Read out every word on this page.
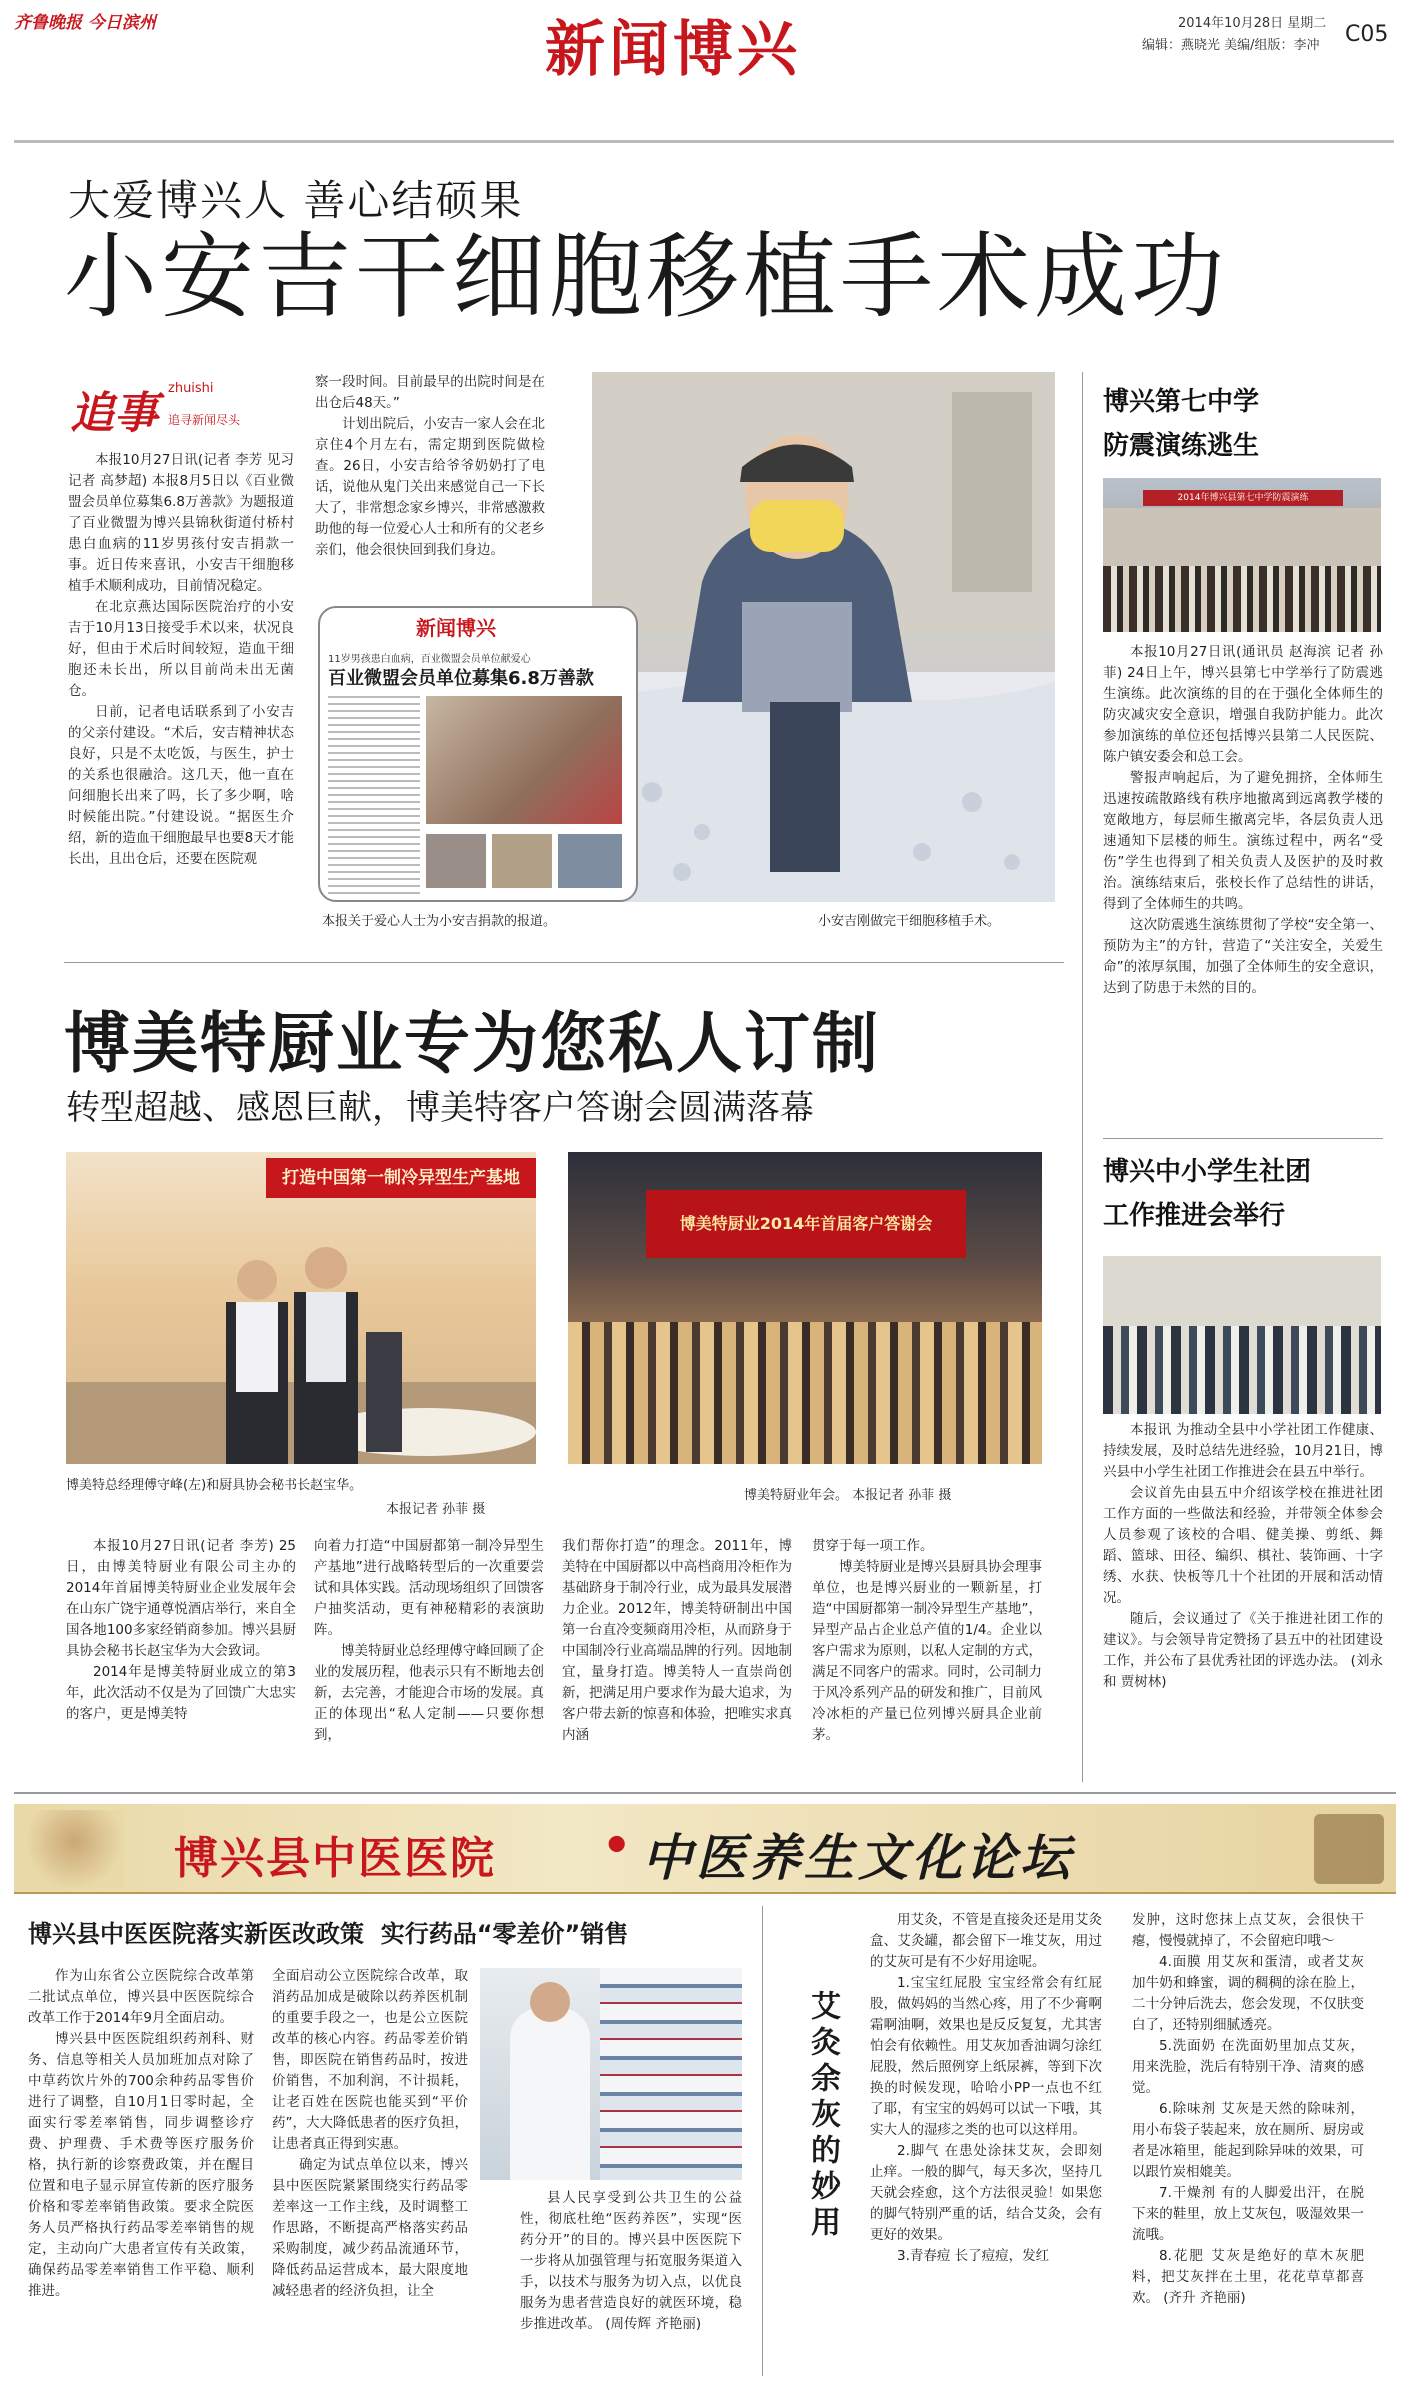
齐鲁晚报 今日滨州	新闻博兴	2014年10月28日 星期二
编辑：燕晓光 美编/组版：李冲 C05
大爱博兴人 善心结硕果
小安吉干细胞移植手术成功
追事 zhuishi
追寻新闻尽头

本报10月27日讯(记者 李芳 见习记者 高梦超) 本报8月5日以《百业微盟会员单位募集6.8万善款》为题报道了百业微盟为博兴县锦秋街道付桥村患白血病的11岁男孩付安吉捐款一事。近日传来喜讯，小安吉干细胞移植手术顺利成功，目前情况稳定。

在北京燕达国际医院治疗的小安吉于10月13日接受手术以来，状况良好，但由于术后时间较短，造血干细胞还未长出，所以目前尚未出无菌仓。

日前，记者电话联系到了小安吉的父亲付建设。“术后，安吉精神状态良好，只是不太吃饭，与医生，护士的关系也很融洽。这几天，他一直在问细胞长出来了吗，长了多少啊，啥时候能出院。”付建设说。“据医生介绍，新的造血干细胞最早也要8天才能长出，且出仓后，还要在医院观

察一段时间。目前最早的出院时间是在出仓后48天。”

计划出院后，小安吉一家人会在北京住4个月左右，需定期到医院做检查。26日，小安吉给爷爷奶奶打了电话，说他从鬼门关出来感觉自己一下长大了，非常想念家乡博兴，非常感激救助他的每一位爱心人士和所有的父老乡亲们，他会很快回到我们身边。

新闻博兴
11岁男孩患白血病，百业微盟会员单位献爱心
百业微盟会员单位募集6.8万善款
本报关于爱心人士为小安吉捐款的报道。	小安吉刚做完干细胞移植手术。
博兴第七中学
防震演练逃生
2014年博兴县第七中学防震演练

本报10月27日讯(通讯员 赵海滨 记者 孙菲) 24日上午，博兴县第七中学举行了防震逃生演练。此次演练的目的在于强化全体师生的防灾减灾安全意识，增强自我防护能力。此次参加演练的单位还包括博兴县第二人民医院、陈户镇安委会和总工会。

警报声响起后，为了避免拥挤，全体师生迅速按疏散路线有秩序地撤离到远离教学楼的宽敞地方，每层师生撤离完毕，各层负责人迅速通知下层楼的师生。演练过程中，两名“受伤”学生也得到了相关负责人及医护的及时救治。演练结束后，张校长作了总结性的讲话，得到了全体师生的共鸣。

这次防震逃生演练贯彻了学校“安全第一、预防为主”的方针，营造了“关注安全，关爱生命”的浓厚氛围，加强了全体师生的安全意识，达到了防患于未然的目的。

博兴中小学生社团
工作推进会举行

本报讯 为推动全县中小学社团工作健康、持续发展，及时总结先进经验，10月21日，博兴县中小学生社团工作推进会在县五中举行。

会议首先由县五中介绍该学校在推进社团工作方面的一些做法和经验，并带领全体参会人员参观了该校的合唱、健美操、剪纸、舞蹈、篮球、田径、编织、棋社、装饰画、十字绣、水获、快板等几十个社团的开展和活动情况。

随后，会议通过了《关于推进社团工作的建议》。与会领导肯定赞扬了县五中的社团建设工作，并公布了县优秀社团的评选办法。 (刘永和 贾树林)

博美特厨业专为您私人订制
转型超越、感恩巨献，博美特客户答谢会圆满落幕
打造中国第一制冷异型生产基地
博美特总经理傅守峰(左)和厨具协会秘书长赵宝华。
本报记者 孙菲 摄
博美特厨业2014年首届客户答谢会
博美特厨业年会。 本报记者 孙菲 摄

本报10月27日讯(记者 李芳) 25日，由博美特厨业有限公司主办的2014年首届博美特厨业企业发展年会在山东广饶宇通尊悦酒店举行，来自全国各地100多家经销商参加。博兴县厨具协会秘书长赵宝华为大会致词。

2014年是博美特厨业成立的第3年，此次活动不仅是为了回馈广大忠实的客户，更是博美特

向着力打造“中国厨都第一制冷异型生产基地”进行战略转型后的一次重要尝试和具体实践。活动现场组织了回馈客户抽奖活动，更有神秘精彩的表演助阵。

博美特厨业总经理傅守峰回顾了企业的发展历程，他表示只有不断地去创新，去完善，才能迎合市场的发展。真正的体现出“私人定制——只要你想到，

我们帮你打造”的理念。2011年，博美特在中国厨都以中高档商用冷柜作为基础跻身于制冷行业，成为最具发展潜力企业。2012年，博美特研制出中国第一台直冷变频商用冷柜，从而跻身于中国制冷行业高端品牌的行列。因地制宜，量身打造。博美特人一直崇尚创新，把满足用户要求作为最大追求，为客户带去新的惊喜和体验，把唯实求真内涵

贯穿于每一项工作。

博美特厨业是博兴县厨具协会理事单位，也是博兴厨业的一颗新星，打造“中国厨都第一制冷异型生产基地”，异型产品占企业总产值的1/4。企业以客户需求为原则，以私人定制的方式，满足不同客户的需求。同时，公司制力于风冷系列产品的研发和推广，目前风冷冰柜的产量已位列博兴厨具企业前茅。

博兴县中医医院 • 中医养生文化论坛
博兴县中医医院落实新医改政策  实行药品“零差价”销售

作为山东省公立医院综合改革第二批试点单位，博兴县中医医院综合改革工作于2014年9月全面启动。

博兴县中医医院组织药剂科、财务、信息等相关人员加班加点对除了中草药饮片外的700余种药品零售价进行了调整，自10月1日零时起，全面实行零差率销售，同步调整诊疗费、护理费、手术费等医疗服务价格，执行新的诊察费政策，并在醒目位置和电子显示屏宣传新的医疗服务价格和零差率销售政策。要求全院医务人员严格执行药品零差率销售的规定，主动向广大患者宣传有关政策，确保药品零差率销售工作平稳、顺利推进。

全面启动公立医院综合改革，取消药品加成是破除以药养医机制的重要手段之一，也是公立医院改革的核心内容。药品零差价销售，即医院在销售药品时，按进价销售，不加利润，不计损耗，让老百姓在医院也能买到“平价药”，大大降低患者的医疗负担，让患者真正得到实惠。

确定为试点单位以来，博兴县中医医院紧紧围绕实行药品零差率这一工作主线，及时调整工作思路，不断提高严格落实药品采购制度，减少药品流通环节，降低药品运营成本，最大限度地减轻患者的经济负担，让全

县人民享受到公共卫生的公益性，彻底杜绝“医药养医”，实现“医药分开”的目的。博兴县中医医院下一步将从加强管理与拓宽服务渠道入手，以技术与服务为切入点，以优良服务为患者营造良好的就医环境，稳步推进改革。 (周传辉 齐艳丽)

艾灸余灰的妙用

用艾灸，不管是直接灸还是用艾灸盒、艾灸罐，都会留下一堆艾灰，用过的艾灰可是有不少好用途呢。

1.宝宝红屁股 宝宝经常会有红屁股，做妈妈的当然心疼，用了不少膏啊霜啊油啊，效果也是反反复复，尤其害怕会有依赖性。用艾灰加香油调匀涂红屁股，然后照例穿上纸尿裤，等到下次换的时候发现，哈哈小PP一点也不红了耶，有宝宝的妈妈可以试一下哦，其实大人的湿疹之类的也可以这样用。

2.脚气 在患处涂抹艾灰，会即刻止痒。一般的脚气，每天多次，坚持几天就会痊愈，这个方法很灵验！如果您的脚气特别严重的话，结合艾灸，会有更好的效果。

3.青春痘 长了痘痘，发红

发肿，这时您抹上点艾灰，会很快干瘪，慢慢就掉了，不会留疤印哦～

4.面膜 用艾灰和蛋清，或者艾灰加牛奶和蜂蜜，调的稠稠的涂在脸上，二十分钟后洗去，您会发现，不仅肤变白了，还特别细腻透亮。

5.洗面奶 在洗面奶里加点艾灰，用来洗脸，洗后有特别干净、清爽的感觉。

6.除味剂 艾灰是天然的除味剂，用小布袋子装起来，放在厕所、厨房或者是冰箱里，能起到除异味的效果，可以跟竹炭相媲美。

7.干燥剂 有的人脚爱出汗，在脱下来的鞋里，放上艾灰包，吸湿效果一流哦。

8.花肥 艾灰是绝好的草木灰肥料，把艾灰拌在土里，花花草草都喜欢。 (齐升 齐艳丽)
